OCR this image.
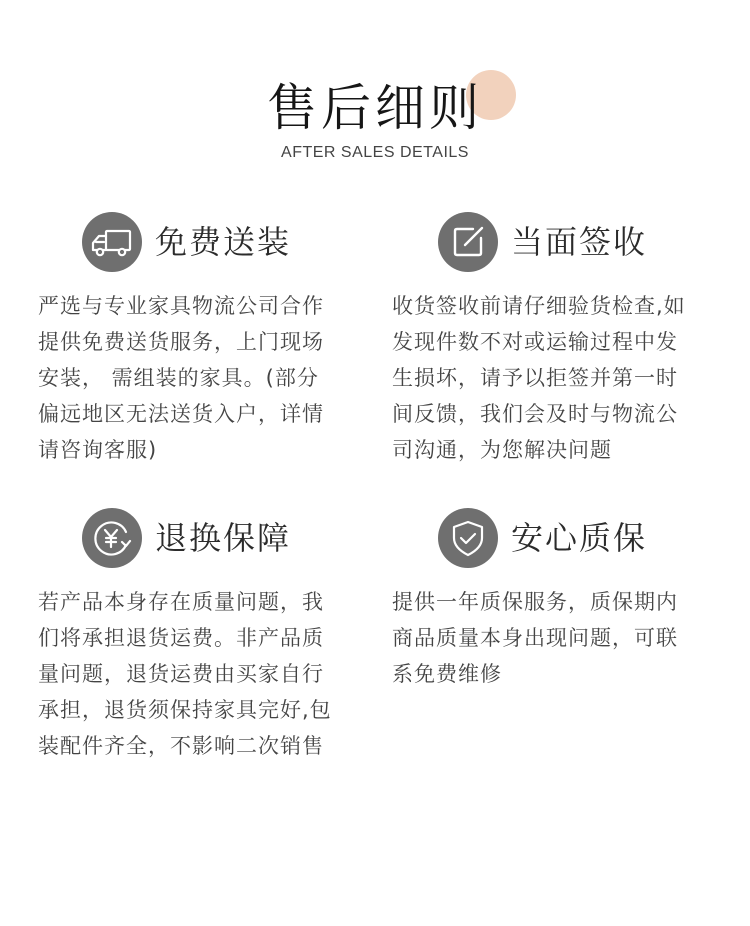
售后细则
AFTER SALES DETAILS
免费送装
严选与专业家具物流公司合作
提供免费送货服务，上门现场
安装， 需组装的家具。(部分
偏远地区无法送货入户，详情
请咨询客服)
当面签收
收货签收前请仔细验货检查,如
发现件数不对或运输过程中发
生损坏，请予以拒签并第一时
间反馈，我们会及时与物流公
司沟通，为您解决问题
退换保障
若产品本身存在质量问题，我
们将承担退货运费。非产品质
量问题，退货运费由买家自行
承担，退货须保持家具完好,包
装配件齐全，不影响二次销售
安心质保
提供一年质保服务，质保期内
商品质量本身出现问题，可联
系免费维修
